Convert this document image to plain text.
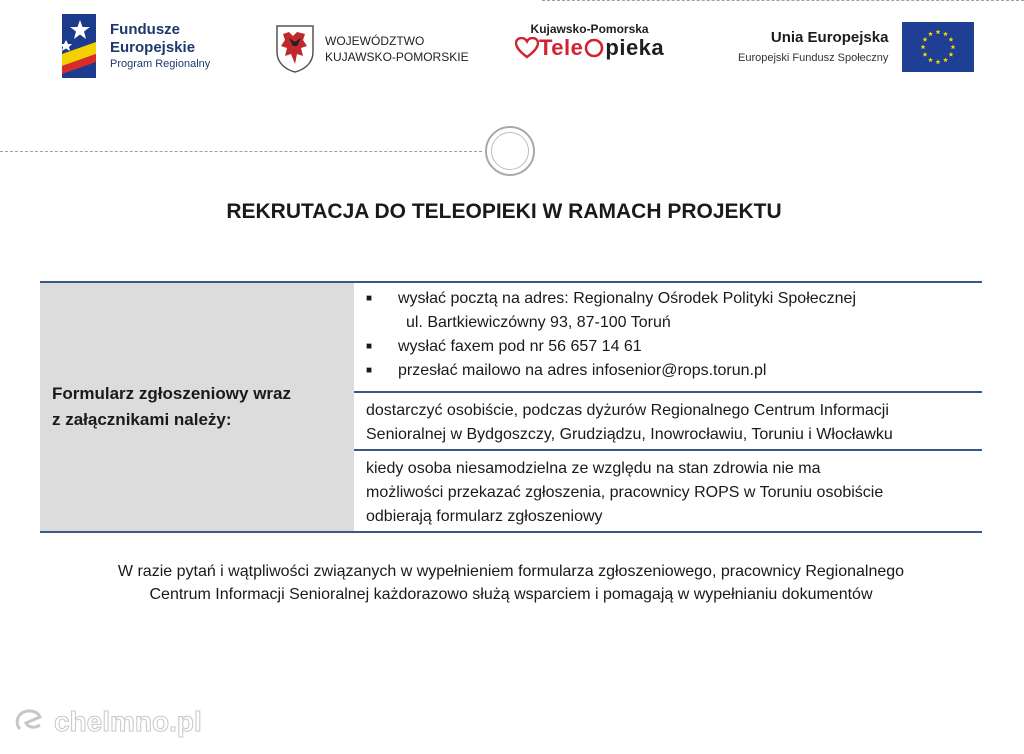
Fundusze
Europejskie
Program Regionalny
WOJEWÓDZTWO
KUJAWSKO-POMORSKIE
Kujawsko-Pomorska
Tele pieka	Unia Europejska
Europejski Fundusz Społeczny
REKRUTACJA DO TELEOPIEKI W RAMACH PROJEKTU
Formularz zgłoszeniowy wraz
z załącznikami należy:
■	wysłać pocztą na adres: Regionalny Ośrodek Polityki Społecznej
ul. Bartkiewiczówny 93, 87-100 Toruń
■	wysłać faxem pod nr 56 657 14 61
■	przesłać mailowo na adres infosenior@rops.torun.pl
dostarczyć osobiście, podczas dyżurów Regionalnego Centrum Informacji
Senioralnej w Bydgoszczy, Grudziądzu, Inowrocławiu, Toruniu i Włocławku
kiedy osoba niesamodzielna ze względu na stan zdrowia nie ma
możliwości przekazać zgłoszenia, pracownicy ROPS w Toruniu osobiście
odbierają formularz zgłoszeniowy
W razie pytań i wątpliwości związanych w wypełnieniem formularza zgłoszeniowego, pracownicy Regionalnego
Centrum Informacji Senioralnej każdorazowo służą wsparciem i pomagają w wypełnianiu dokumentów
chelmno.pl
